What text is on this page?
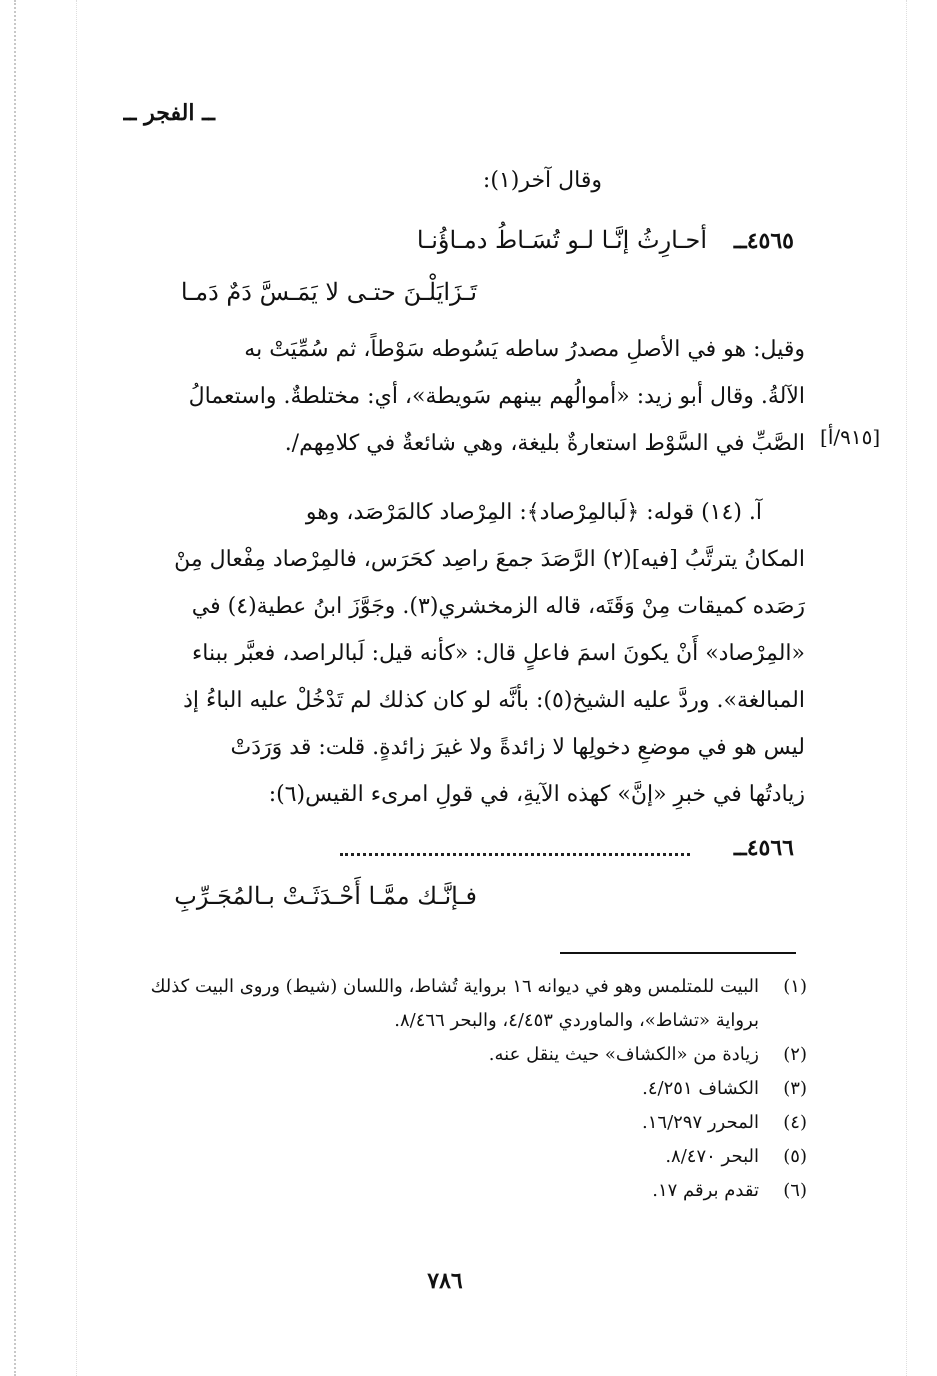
ــ الفجر ــ
وقال آخر(١):
٤٥٦٥ــ
أحـارِثُ إنَّـا لـو تُسَـاطُ دمـاؤُنـا
تَـزَايَلْـنَ حتـى لا يَمَـسَّ دَمٌ دَمـا
وقيل: هو في الأصلِ مصدرُ ساطه يَسُوطه سَوْطاً، ثم سُمِّيَتْ به
الآلةُ. وقال أبو زيد: «أموالُهم بينهم سَويطة»، أي: مختلطةٌ. واستعمالُ
الصَّبِّ في السَّوْط استعارةٌ بليغة، وهي شائعةٌ في كلامِهم/. [٩١٥/أ]
آ. (١٤) قوله: ﴿لَبالمِرْصاد﴾: المِرْصاد كالمَرْصَد، وهو
المكانُ يترتَّبُ [فيه](٢) الرَّصَدَ جمعَ راصِد كحَرَس، فالمِرْصاد مِفْعال مِنْ
رَصَده كميقات مِنْ وَقَتَه، قاله الزمخشري(٣). وجَوَّزَ ابنُ عطية(٤) في
«المِرْصاد» أَنْ يكونَ اسمَ فاعلٍ قال: «كأنه قيل: لَبالراصد، فعبَّر ببناء
المبالغة». وردَّ عليه الشيخ(٥): بأنَّه لو كان كذلك لم تَدْخُلْ عليه الباءُ إذ
ليس هو في موضعِ دخولِها لا زائدةً ولا غيرَ زائدةٍ. قلت: قد وَرَدَتْ
زيادتُها في خبرِ «إنَّ» كهذه الآيةِ، في قولِ امرىء القيس(٦):
٤٥٦٦ــ
فـإنَّـك ممَّـا أَحْـدَثَـتْ بـالمُجَـرِّبِ
(١)
البيت للمتلمس وهو في ديوانه ١٦ برواية تُشاط، واللسان (شيط) وروى البيت كذلك برواية «تشاط»، والماوردي ٤/٤٥٣، والبحر ٨/٤٦٦.
(٢)
زيادة من «الكشاف» حيث ينقل عنه.
(٣)
الكشاف ٤/٢٥١.
(٤)
المحرر ١٦/٢٩٧.
(٥)
البحر ٨/٤٧٠.
(٦)
تقدم برقم ١٧.
٧٨٦
